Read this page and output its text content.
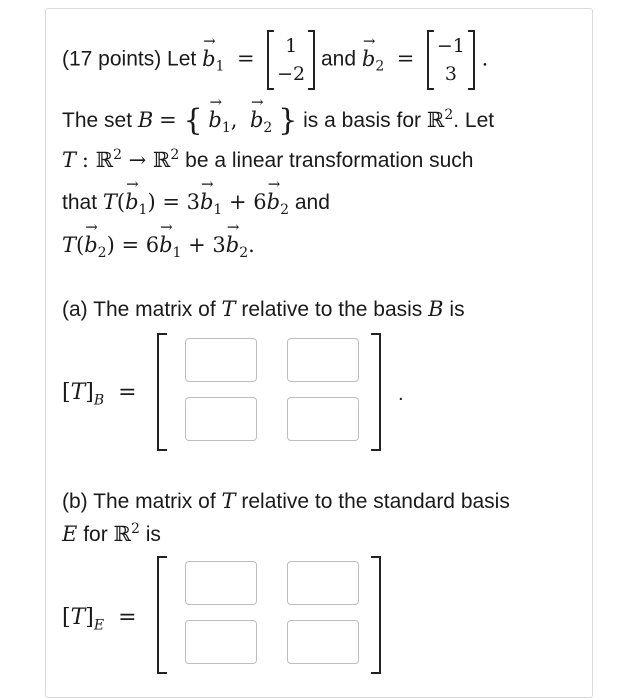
(17 points) Let → $b_1$  =
1
−2
and → $b_2$  =
−1
3
.
The set B = { → $b_1$,  → $b_2$ } is a basis for ℝ$^2$. Let
T : ℝ$^2$ → ℝ$^2$ be a linear transformation such
that $T(\to b_1) = 3\to b_1 + 6\to b_2$ and
$T(\to b_2) = 6\to b_1 + 3\to b_2$.
(a) The matrix of T relative to the basis B is
$[T]_B$  =	.
(b) The matrix of T relative to the standard basis
E for ℝ$^2$ is
$[T]_E$  =
